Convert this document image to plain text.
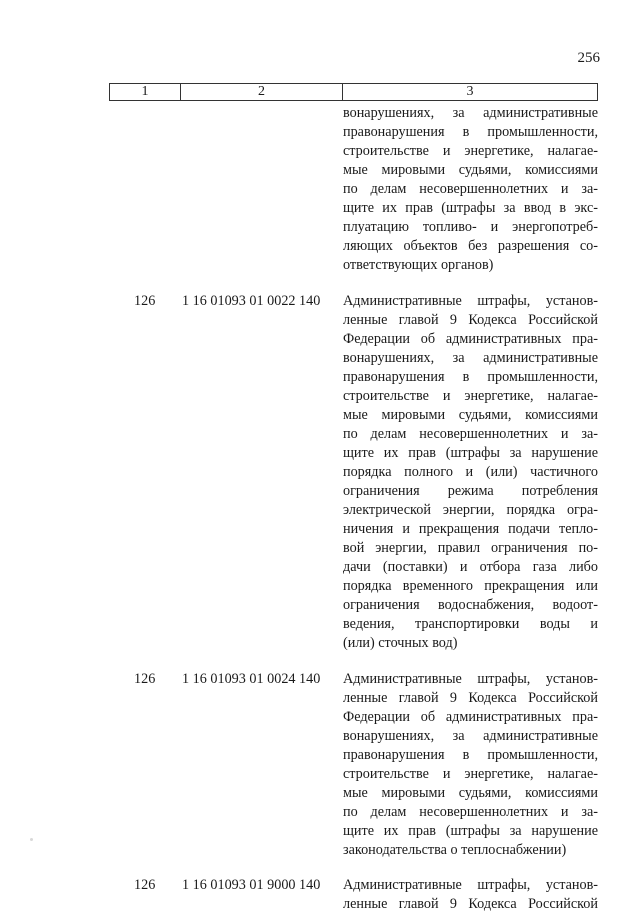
256
1	2	3
вонарушениях, за административные
правонарушения в промышленности,
строительстве и энергетике, налагае-
мые мировыми судьями, комиссиями
по делам несовершеннолетних и за-
щите их прав (штрафы за ввод в экс-
плуатацию топливо- и энергопотреб-
ляющих объектов без разрешения со-
ответствующих органов)
126	1 16 01093 01 0022 140	Административные штрафы, установ-
ленные главой 9 Кодекса Российской
Федерации об административных пра-
вонарушениях, за административные
правонарушения в промышленности,
строительстве и энергетике, налагае-
мые мировыми судьями, комиссиями
по делам несовершеннолетних и за-
щите их прав (штрафы за нарушение
порядка полного и (или) частичного
ограничения режима потребления
электрической энергии, порядка огра-
ничения и прекращения подачи тепло-
вой энергии, правил ограничения по-
дачи (поставки) и отбора газа либо
порядка временного прекращения или
ограничения водоснабжения, водоот-
ведения, транспортировки воды и
(или) сточных вод)
126	1 16 01093 01 0024 140	Административные штрафы, установ-
ленные главой 9 Кодекса Российской
Федерации об административных пра-
вонарушениях, за административные
правонарушения в промышленности,
строительстве и энергетике, налагае-
мые мировыми судьями, комиссиями
по делам несовершеннолетних и за-
щите их прав (штрафы за нарушение
законодательства о теплоснабжении)
126	1 16 01093 01 9000 140	Административные штрафы, установ-
ленные главой 9 Кодекса Российской
